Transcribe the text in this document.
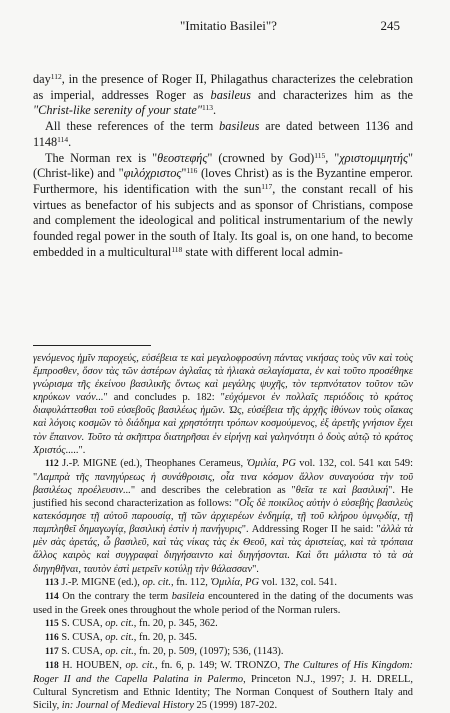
"Imitatio Basilei"?	245

day$^{112}$, in the presence of Roger II, Philagathus characterizes the celebration as imperial, addresses Roger as basileus and characterizes him as the "Christ-like serenity of your state"$^{113}$.

All these references of the term basileus are dated between 1136 and 1148$^{114}$.

The Norman rex is "θεοστεφής" (crowned by God)$^{115}$, "χριστομιμητής" (Christ-like) and "φιλόχριστος"$^{116}$ (loves Christ) as is the Byzantine emperor. Furthermore, his identification with the sun$^{117}$, the constant recall of his virtues as benefactor of his subjects and as sponsor of Christians, compose and complement the ideological and political instrumentarium of the newly founded regal power in the south of Italy. Its goal is, on one hand, to become embedded in a multicultural$^{118}$ state with different local admin-

γενόμενος ἡμῖν παροχεύς, εὐσέβεια τε καὶ μεγαλοφροσύνη πάντας νικήσας τοὺς νῦν καὶ τοὺς ἔμπροσθεν, ὅσον τὰς τῶν ἀστέρων ἀγλαΐας τὰ ἡλιακὰ σελαγίσματα, ἐν καὶ τοῦτο προσέθηκε γνώρισμα τῆς ἐκείνου βασιλικῆς ὄντως καὶ μεγάλης ψυχῆς, τὸν τερπνότατον τοῦτον τῶν κηρύκων ναόν..." and concludes p. 182: "εὐχόμενοι ἐν πολλαῖς περιόδοις τὸ κράτος διαφυλάττεσθαι τοῦ εὐσεβοῦς βασιλέως ἡμῶν. Ὡς, εὐσέβεια τῆς ἀρχῆς ἰθύνων τοὺς οἴακας καὶ λόγοις κοσμῶν τὸ διάδημα καὶ χρηστότητι τρόπων κοσμούμενος, ἐξ ἀρετῆς γνήσιον ἔχει τὸν ἔπαινον. Τοῦτο τὰ σκῆπτρα διατηρῆσαι ἐν εἰρήνῃ καὶ γαληνότητι ὁ δοὺς αὐτῷ τὸ κράτος Χριστός.....".

112 J.-P. MIGNE (ed.), Theophanes Cerameus, Ὁμιλία, PG vol. 132, col. 541 και 549: "Λαμπρὰ τῆς πανηγύρεως ἡ συνάθροισις, οἷα τινα κόσμον ἄλλον συναγούσα τὴν τοῦ βασιλέως προέλευσιν..." and describes the celebration as "θεῖα τε καὶ βασιλική". He justified his second characterization as follows: "Οἷς δὲ ποικίλος αὐτὴν ὁ εὐσεβὴς βασιλεὺς κατεκόσμησε τῇ αὐτοῦ παρουσίᾳ, τῇ τῶν ἀρχιερέων ἐνδημίᾳ, τῇ τοῦ κλήρου ὑμνῳδίᾳ, τῇ παμπληθεῖ δημαγωγίᾳ, βασιλικὴ ἐστὶν ἡ πανήγυρις". Addressing Roger II he said: "ἀλλὰ τὰ μὲν σὰς ἀρετάς, ὦ βασιλεῦ, καὶ τὰς νίκας τὰς ἐκ Θεοῦ, καὶ τὰς ἀριστείας, καὶ τὰ τρόπαια ἄλλος καιρὸς καὶ συγγραφαὶ διηγήσαιντο καὶ διηγήσονται. Καὶ ὅτι μάλιστα τὸ τὰ σὰ διηγηθῆναι, ταυτὸν ἐστὶ μετρεῖν κοτύλῃ τὴν θάλασσαν".

113 J.-P. MIGNE (ed.), op. cit., fn. 112, Ὁμιλία, PG vol. 132, col. 541.

114 On the contrary the term basileia encountered in the dating of the documents was used in the Greek ones throughout the whole period of the Norman rulers.

115 S. CUSA, op. cit., fn. 20, p. 345, 362.

116 S. CUSA, op. cit., fn. 20, p. 345.

117 S. CUSA, op. cit., fn. 20, p. 509, (1097); 536, (1143).

118 H. HOUBEN, op. cit., fn. 6, p. 149; W. TRONZO, The Cultures of His Kingdom: Roger II and the Capella Palatina in Palermo, Princeton N.J., 1997; J. H. DRELL, Cultural Syncretism and Ethnic Identity; The Norman Conquest of Southern Italy and Sicily, in: Journal of Medieval History 25 (1999) 187-202.
